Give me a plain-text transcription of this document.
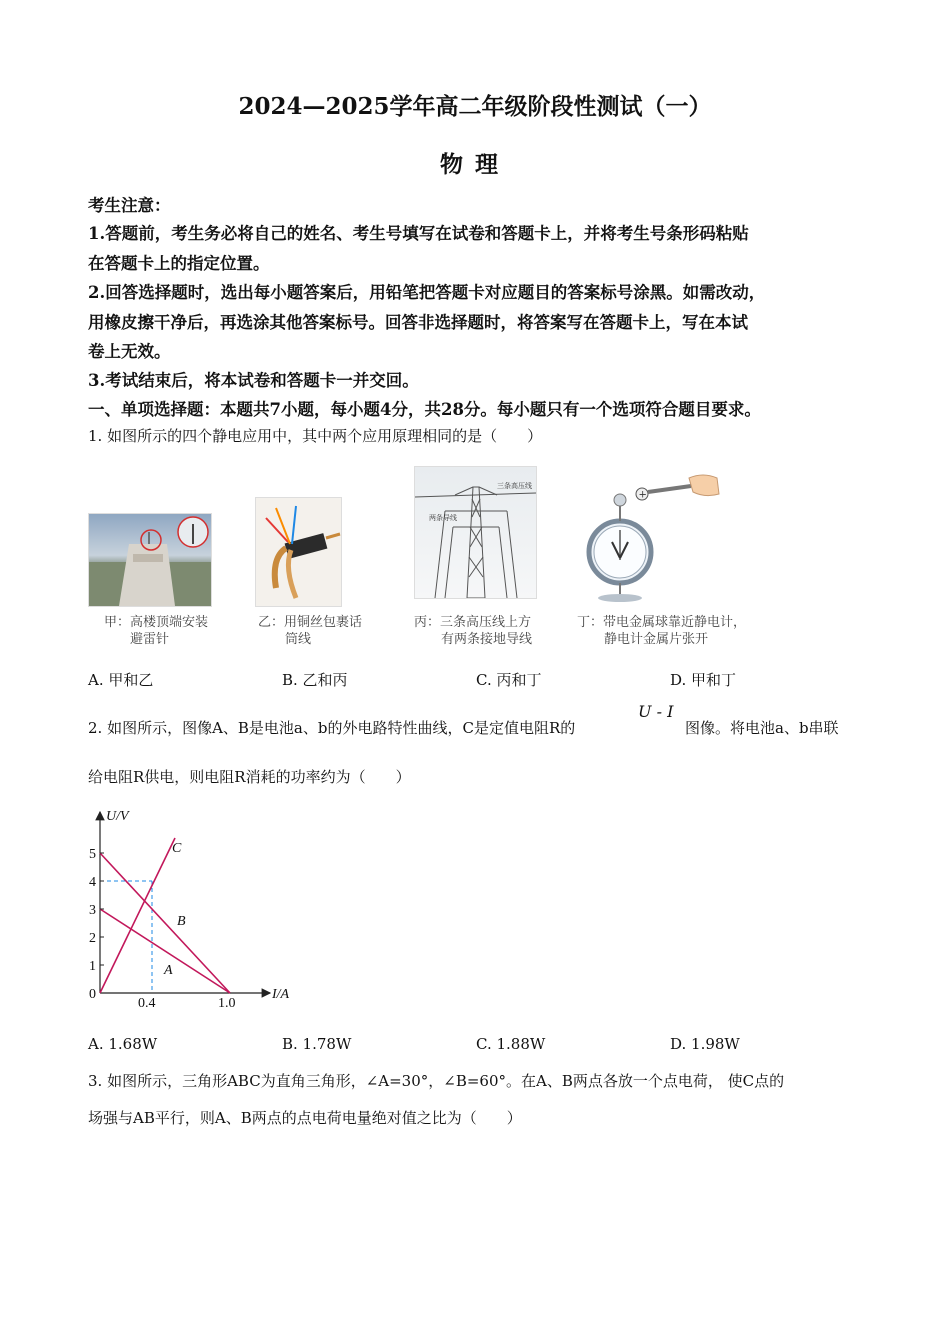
2024—2025学年高二年级阶段性测试（一）
物理
考生注意：
1.答题前，考生务必将自己的姓名、考生号填写在试卷和答题卡上，并将考生号条形码粘贴
在答题卡上的指定位置。
2.回答选择题时，选出每小题答案后，用铅笔把答题卡对应题目的答案标号涂黑。如需改动，
用橡皮擦干净后，再选涂其他答案标号。回答非选择题时，将答案写在答题卡上，写在本试
卷上无效。
3.考试结束后，将本试卷和答题卡一并交回。
一、单项选择题：本题共7小题，每小题4分，共28分。每小题只有一个选项符合题目要求。
1. 如图所示的四个静电应用中，其中两个应用原理相同的是（　　）
三条高压线
两条导线
+
甲：高楼顶端安装
避雷针
乙：用铜丝包裹话
筒线
丙：三条高压线上方
有两条接地导线
丁：带电金属球靠近静电计，
静电计金属片张开
A. 甲和乙	B. 乙和丙	C. 丙和丁	D. 甲和丁
2. 如图所示，图像A、B是电池a、b的外电路特性曲线，C是定值电阻R的
U - I
图像。将电池a、b串联
给电阻R供电，则电阻R消耗的功率约为（　　）
U/V
I/A
0
1
2
3
4
5
0.4	1.0
A
B
C
A. 1.68W	B. 1.78W	C. 1.88W	D. 1.98W
3. 如图所示，三角形ABC为直角三角形，∠A=30°，∠B=60°。在A、B两点各放一个点电荷， 使C点的
场强与AB平行，则A、B两点的点电荷电量绝对值之比为（　　）
